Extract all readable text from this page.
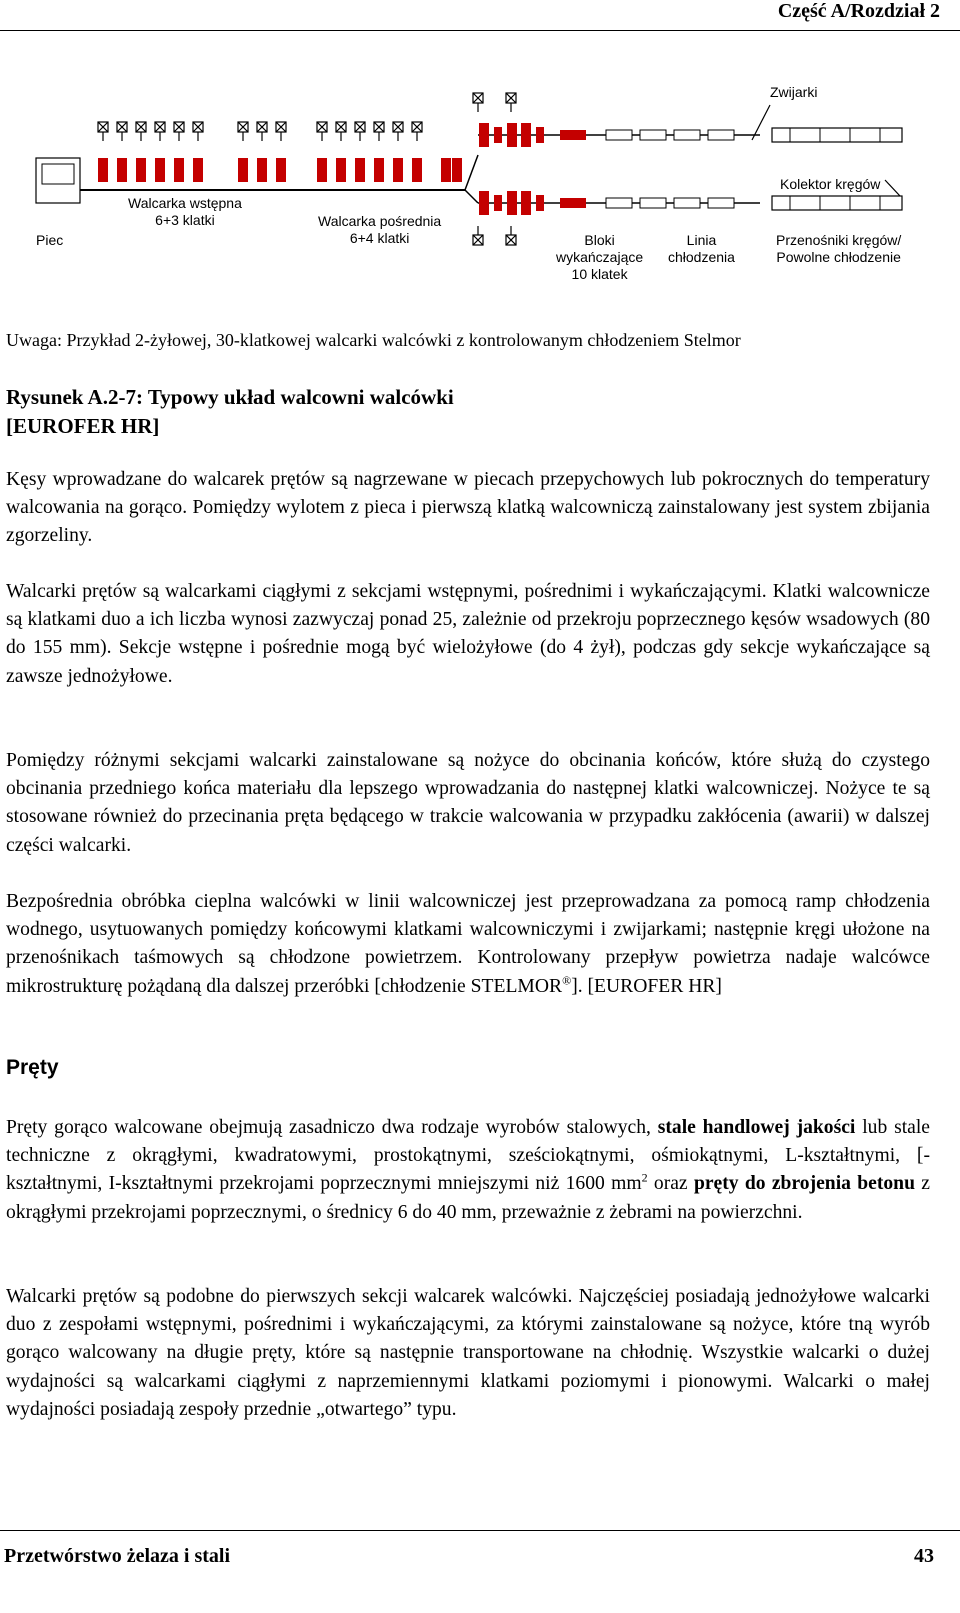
Część A/Rozdział 2
Piec
Walcarka wstępna
6+3 klatki	Walcarka pośrednia
6+4 klatki	Bloki
wykańczające
10 klatek
Linia
chłodzenia
Zwijarki
Kolektor kręgów
Przenośniki kręgów/
Powolne chłodzenie
Uwaga: Przykład 2-żyłowej, 30-klatkowej walcarki walcówki z kontrolowanym chłodzeniem Stelmor
Rysunek A.2-7: Typowy układ walcowni walcówki
[EUROFER HR]

Kęsy wprowadzane do walcarek prętów są nagrzewane w piecach przepychowych lub pokrocznych do temperatury walcowania na gorąco. Pomiędzy wylotem z pieca i pierwszą klatką walcowniczą zainstalowany jest system zbijania zgorzeliny.

Walcarki prętów są walcarkami ciągłymi z sekcjami wstępnymi, pośrednimi i wykańczającymi. Klatki walcownicze są klatkami duo a ich liczba wynosi zazwyczaj ponad 25, zależnie od przekroju poprzecznego kęsów wsadowych (80 do 155 mm). Sekcje wstępne i pośrednie mogą być wielożyłowe (do 4 żył), podczas gdy sekcje wykańczające są zawsze jednożyłowe.

Pomiędzy różnymi sekcjami walcarki zainstalowane są nożyce do obcinania końców, które służą do czystego obcinania przedniego końca materiału dla lepszego wprowadzania do następnej klatki walcowniczej. Nożyce te są stosowane również do przecinania pręta będącego w trakcie walcowania w przypadku zakłócenia (awarii) w dalszej części walcarki.

Bezpośrednia obróbka cieplna walcówki w linii walcowniczej jest przeprowadzana za pomocą ramp chłodzenia wodnego, usytuowanych pomiędzy końcowymi klatkami walcowniczymi i zwijarkami; następnie kręgi ułożone na przenośnikach taśmowych są chłodzone powietrzem. Kontrolowany przepływ powietrza nadaje walcówce mikrostrukturę pożądaną dla dalszej przeróbki [chłodzenie STELMOR®]. [EUROFER HR]

Pręty

Pręty gorąco walcowane obejmują zasadniczo dwa rodzaje wyrobów stalowych, stale handlowej jakości lub stale techniczne z okrągłymi, kwadratowymi, prostokątnymi, sześciokątnymi, ośmiokątnymi, L-kształtnymi, [-kształtnymi, I-kształtnymi przekrojami poprzecznymi mniejszymi niż 1600 $mm^2$ oraz pręty do zbrojenia betonu z okrągłymi przekrojami poprzecznymi, o średnicy 6 do 40 mm, przeważnie z żebrami na powierzchni.

Walcarki prętów są podobne do pierwszych sekcji walcarek walcówki. Najczęściej posiadają jednożyłowe walcarki duo z zespołami wstępnymi, pośrednimi i wykańczającymi, za którymi zainstalowane są nożyce, które tną wyrób gorąco walcowany na długie pręty, które są następnie transportowane na chłodnię. Wszystkie walcarki o dużej wydajności są walcarkami ciągłymi z naprzemiennymi klatkami poziomymi i pionowymi. Walcarki o małej wydajności posiadają zespoły przednie „otwartego” typu.

Przetwórstwo żelaza i stali	43
